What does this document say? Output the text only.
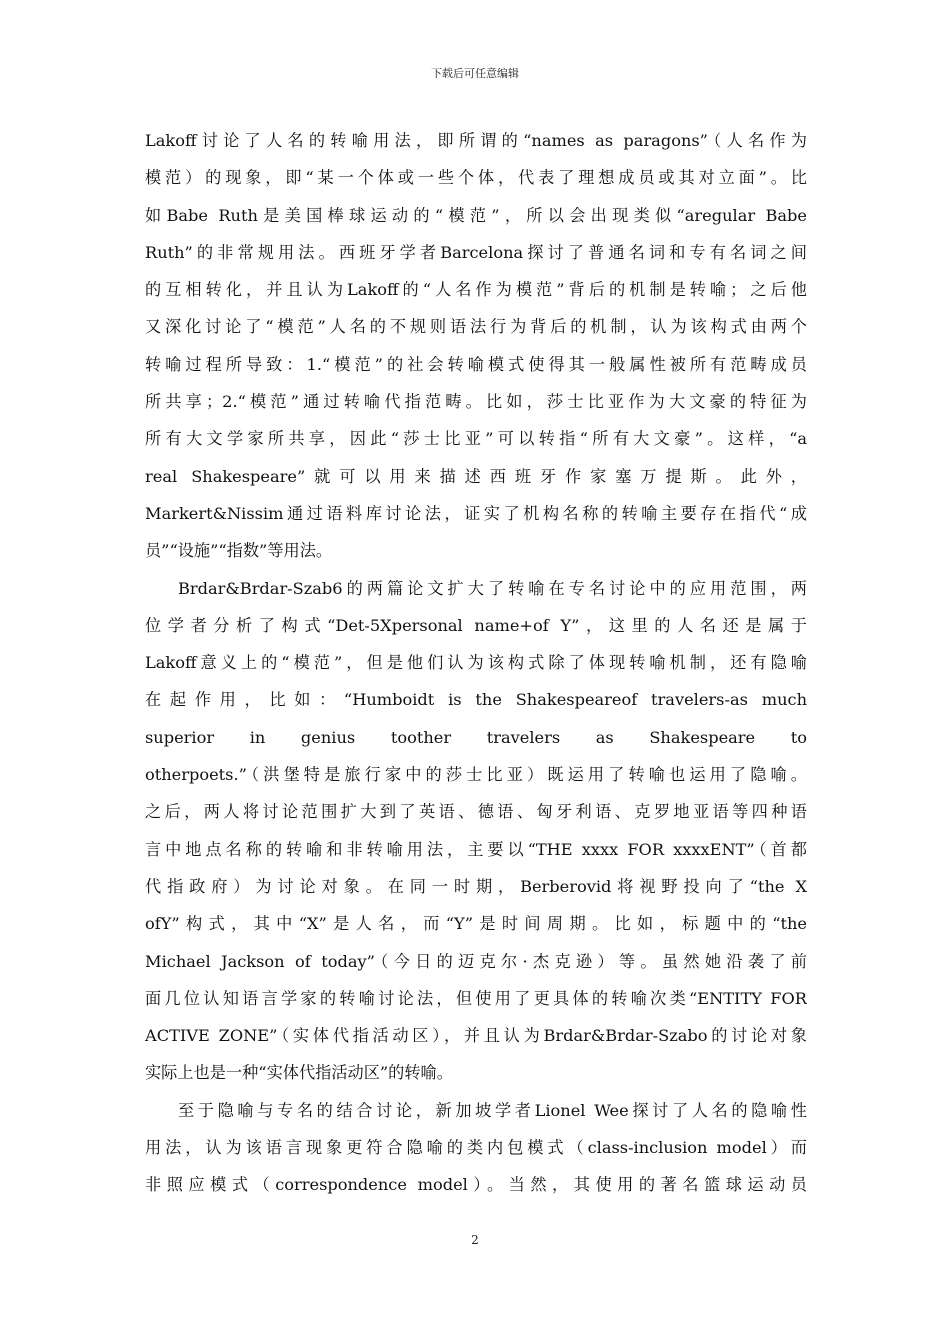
下载后可任意编辑
Lakoff讨论了人名的转喻用法，即所谓的“names as paragons”（人名作为
模范）的现象，即“某一个体或一些个体，代表了理想成员或其对立面”。比
如Babe Ruth是美国棒球运动的“模范”，所以会出现类似“aregular Babe
Ruth”的非常规用法。西班牙学者Barcelona探讨了普通名词和专有名词之间
的互相转化，并且认为Lakoff的“人名作为模范”背后的机制是转喻；之后他
又深化讨论了“模范”人名的不规则语法行为背后的机制，认为该构式由两个
转喻过程所导致：1.“模范”的社会转喻模式使得其一般属性被所有范畴成员
所共享；2.“模范”通过转喻代指范畴。比如，莎士比亚作为大文豪的特征为
所有大文学家所共享，因此“莎士比亚”可以转指“所有大文豪”。这样，“a
real Shakespeare”就可以用来描述西班牙作家塞万提斯。此外，
Markert&Nissim通过语料库讨论法，证实了机构名称的转喻主要存在指代“成
员”“设施”“指数”等用法。
Brdar&Brdar-Szab6的两篇论文扩大了转喻在专名讨论中的应用范围，两
位学者分析了构式“Det-5Xpersonal name+of Y”，这里的人名还是属于
Lakoff意义上的“模范”，但是他们认为该构式除了体现转喻机制，还有隐喻
在起作用，比如：“Humboidt is the Shakespeareof travelers-as much
superior in genius toother travelers as Shakespeare to
otherpoets.”（洪堡特是旅行家中的莎士比亚）既运用了转喻也运用了隐喻。
之后，两人将讨论范围扩大到了英语、德语、匈牙利语、克罗地亚语等四种语
言中地点名称的转喻和非转喻用法，主要以“THE xxxx FOR xxxxENT”（首都
代指政府）为讨论对象。在同一时期，Berberovid将视野投向了“the X
ofY”构式，其中“X”是人名，而“Y”是时间周期。比如，标题中的“the
Michael Jackson of today”（今日的迈克尔·杰克逊）等。虽然她沿袭了前
面几位认知语言学家的转喻讨论法，但使用了更具体的转喻次类“ENTITY FOR
ACTIVE ZONE”（实体代指活动区），并且认为Brdar&Brdar-Szabo的讨论对象
实际上也是一种“实体代指活动区”的转喻。
至于隐喻与专名的结合讨论，新加坡学者Lionel Wee探讨了人名的隐喻性
用法，认为该语言现象更符合隐喻的类内包模式（class-inclusion model）而
非照应模式（correspondence model）。当然，其使用的著名篮球运动员
2
